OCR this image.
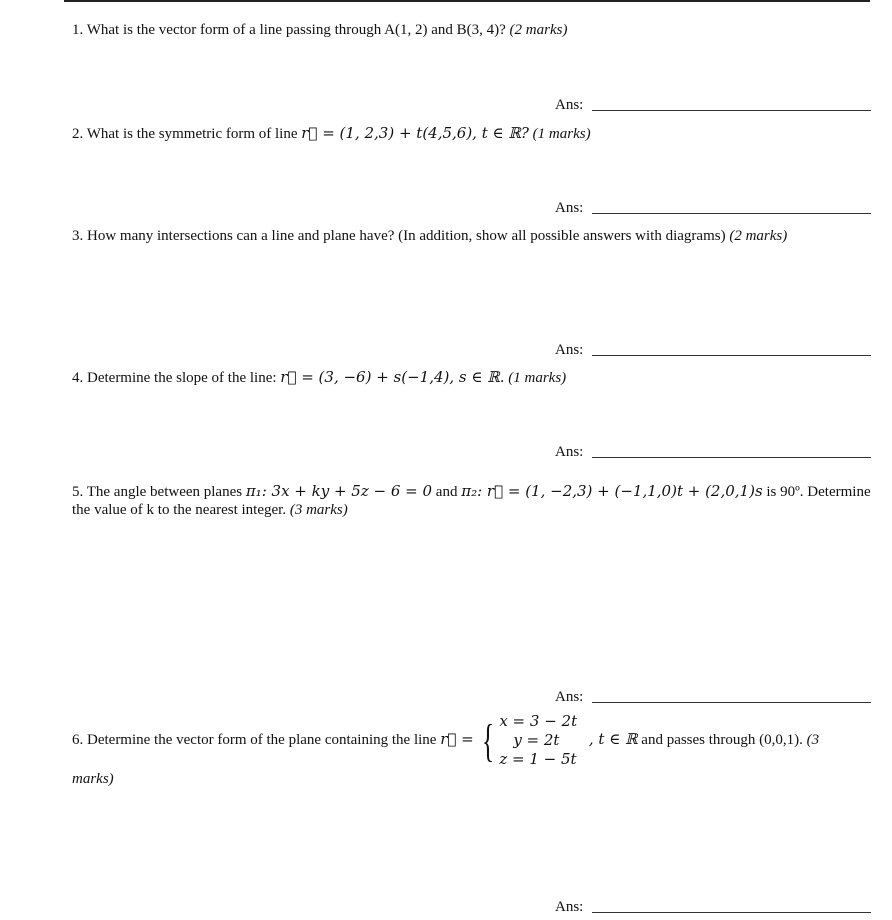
1. What is the vector form of a line passing through A(1, 2) and B(3, 4)? (2 marks)
Ans:
2. What is the symmetric form of line r⃗ = (1, 2,3) + t(4,5,6), t ∈ ℝ? (1 marks)
Ans:
3. How many intersections can a line and plane have? (In addition, show all possible answers with diagrams) (2 marks)
Ans:
4. Determine the slope of the line: r⃗ = (3, −6) + s(−1,4), s ∈ ℝ. (1 marks)
Ans:
5. The angle between planes π₁: 3x + ky + 5z − 6 = 0 and π₂: r⃗ = (1, −2,3) + (−1,1,0)t + (2,0,1)s is 90º. Determine the value of k to the nearest integer. (3 marks)
Ans:
6. Determine the vector form of the plane containing the line r⃗ = { x = 3 − 2t
y = 2t
z = 1 − 5t
, t ∈ ℝ and passes through (0,0,1). (3
marks)
Ans:
